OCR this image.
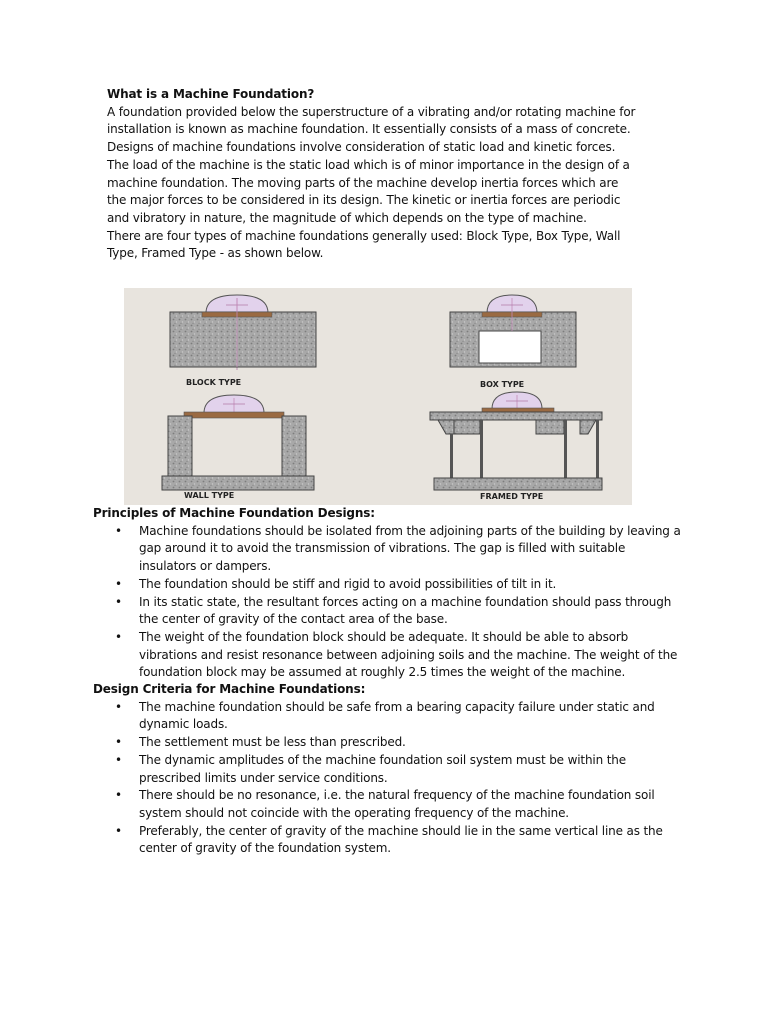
What is a Machine Foundation?

A foundation provided below the superstructure of a vibrating and/or rotating machine for installation is known as machine foundation. It essentially consists of a mass of concrete. Designs of machine foundations involve consideration of static load and kinetic forces.

The load of the machine is the static load which is of minor importance in the design of a machine foundation. The moving parts of the machine develop inertia forces which are the major forces to be considered in its design. The kinetic or inertia forces are periodic and vibratory in nature, the magnitude of which depends on the type of machine.

There are four types of machine foundations generally used: Block Type, Box Type, Wall Type, Framed Type - as shown below.

BLOCK TYPE	BOX TYPE
WALL TYPE	FRAMED TYPE
Principles of Machine Foundation Designs:
• Machine foundations should be isolated from the adjoining parts of the building by leaving a gap around it to avoid the transmission of vibrations. The gap is filled with suitable insulators or dampers.
• The foundation should be stiff and rigid to avoid possibilities of tilt in it.
• In its static state, the resultant forces acting on a machine foundation should pass through the center of gravity of the contact area of the base.
• The weight of the foundation block should be adequate. It should be able to absorb vibrations and resist resonance between adjoining soils and the machine. The weight of the foundation block may be assumed at roughly 2.5 times the weight of the machine.
Design Criteria for Machine Foundations:
• The machine foundation should be safe from a bearing capacity failure under static and dynamic loads.
• The settlement must be less than prescribed.
• The dynamic amplitudes of the machine foundation soil system must be within the prescribed limits under service conditions.
• There should be no resonance, i.e. the natural frequency of the machine foundation soil system should not coincide with the operating frequency of the machine.
• Preferably, the center of gravity of the machine should lie in the same vertical line as the center of gravity of the foundation system.
